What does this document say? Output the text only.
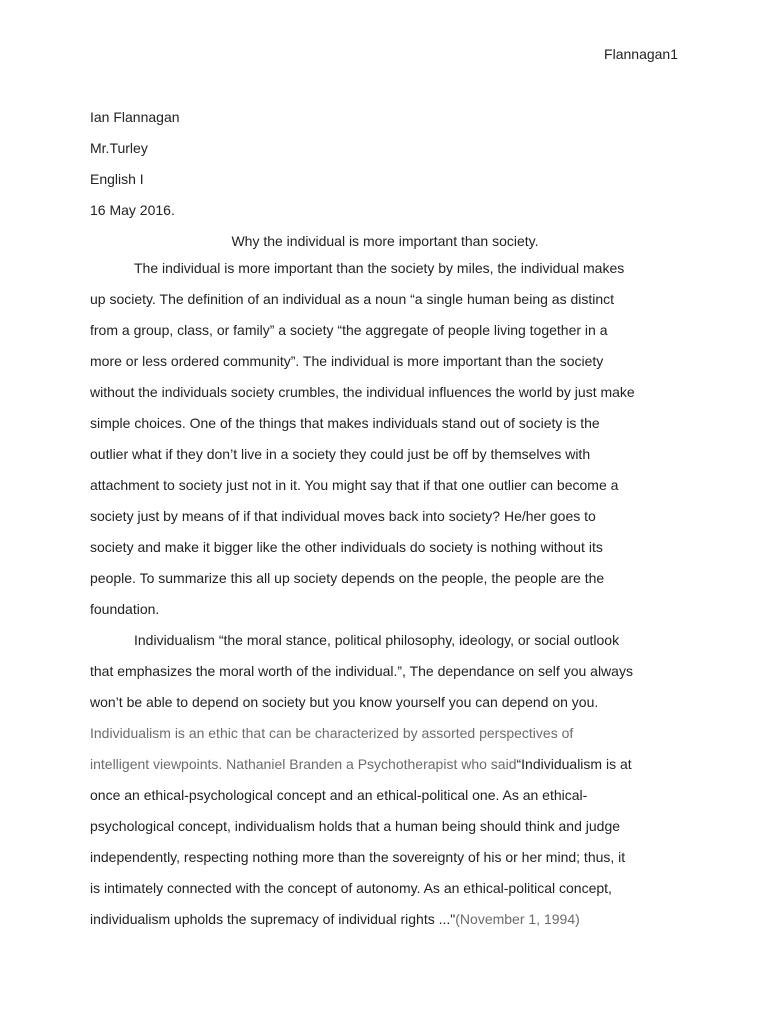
Flannagan1
Ian Flannagan
Mr.Turley
English I
16 May 2016.
Why the individual is more important than society.
The individual is more important than the society by miles, the individual makes
up society. The definition of an individual as a noun “a single human being as distinct
from a group, class, or family” a society “the aggregate of people living together in a
more or less ordered community”. The individual is more important than the society
without the individuals society crumbles, the individual influences the world by just make
simple choices. One of the things that makes individuals stand out of society is the
outlier what if they don’t live in a society they could just be off by themselves with
attachment to society just not in it. You might say that if that one outlier can become a
society just by means of if that individual moves back into society? He/her goes to
society and make it bigger like the other individuals do society is nothing without its
people. To summarize this all up society depends on the people, the people are the
foundation.
Individualism “the moral stance, political philosophy, ideology, or social outlook
that emphasizes the moral worth of the individual.”, The dependance on self you always
won’t be able to depend on society but you know yourself you can depend on you.
Individualism is an ethic that can be characterized by assorted perspectives of
intelligent viewpoints. Nathaniel Branden a Psychotherapist who said“Individualism is at
once an ethical-psychological concept and an ethical-political one. As an ethical-
psychological concept, individualism holds that a human being should think and judge
independently, respecting nothing more than the sovereignty of his or her mind; thus, it
is intimately connected with the concept of autonomy. As an ethical-political concept,
individualism upholds the supremacy of individual rights ..."(November 1, 1994)
